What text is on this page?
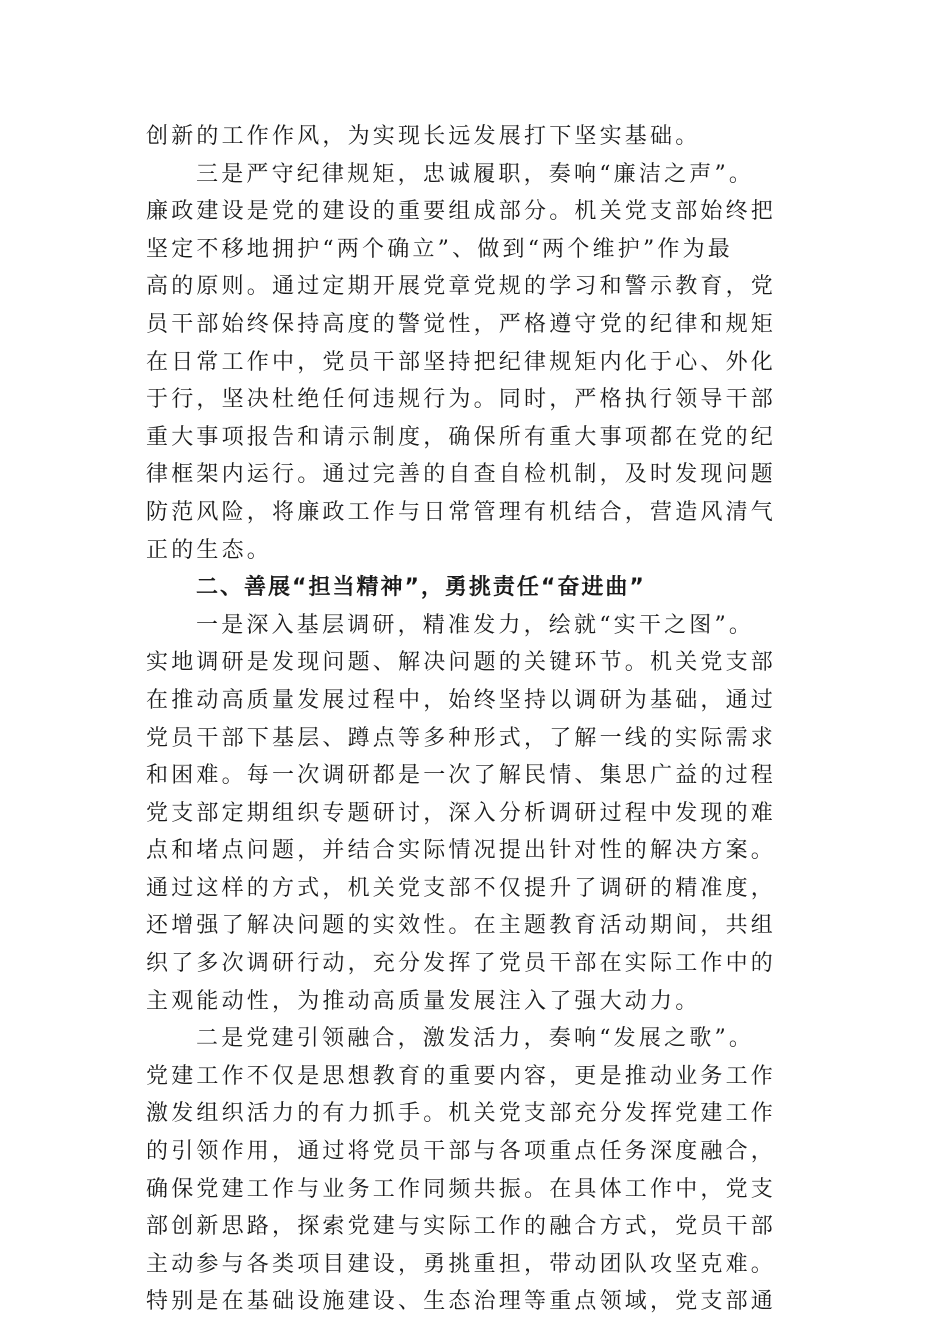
创新的工作作风，为实现长远发展打下坚实基础。
三是严守纪律规矩，忠诚履职，奏响“廉洁之声”。
廉政建设是党的建设的重要组成部分。机关党支部始终把
坚定不移地拥护“两个确立”、做到“两个维护”作为最
高的原则。通过定期开展党章党规的学习和警示教育，党
员干部始终保持高度的警觉性，严格遵守党的纪律和规矩
在日常工作中，党员干部坚持把纪律规矩内化于心、外化
于行，坚决杜绝任何违规行为。同时，严格执行领导干部
重大事项报告和请示制度，确保所有重大事项都在党的纪
律框架内运行。通过完善的自查自检机制，及时发现问题
防范风险，将廉政工作与日常管理有机结合，营造风清气
正的生态。
二、善展“担当精神”，勇挑责任“奋进曲”
一是深入基层调研，精准发力，绘就“实干之图”。
实地调研是发现问题、解决问题的关键环节。机关党支部
在推动高质量发展过程中，始终坚持以调研为基础，通过
党员干部下基层、蹲点等多种形式，了解一线的实际需求
和困难。每一次调研都是一次了解民情、集思广益的过程
党支部定期组织专题研讨，深入分析调研过程中发现的难
点和堵点问题，并结合实际情况提出针对性的解决方案。
通过这样的方式，机关党支部不仅提升了调研的精准度，
还增强了解决问题的实效性。在主题教育活动期间，共组
织了多次调研行动，充分发挥了党员干部在实际工作中的
主观能动性，为推动高质量发展注入了强大动力。
二是党建引领融合，激发活力，奏响“发展之歌”。
党建工作不仅是思想教育的重要内容，更是推动业务工作
激发组织活力的有力抓手。机关党支部充分发挥党建工作
的引领作用，通过将党员干部与各项重点任务深度融合，
确保党建工作与业务工作同频共振。在具体工作中，党支
部创新思路，探索党建与实际工作的融合方式，党员干部
主动参与各类项目建设，勇挑重担，带动团队攻坚克难。
特别是在基础设施建设、生态治理等重点领域，党支部通
